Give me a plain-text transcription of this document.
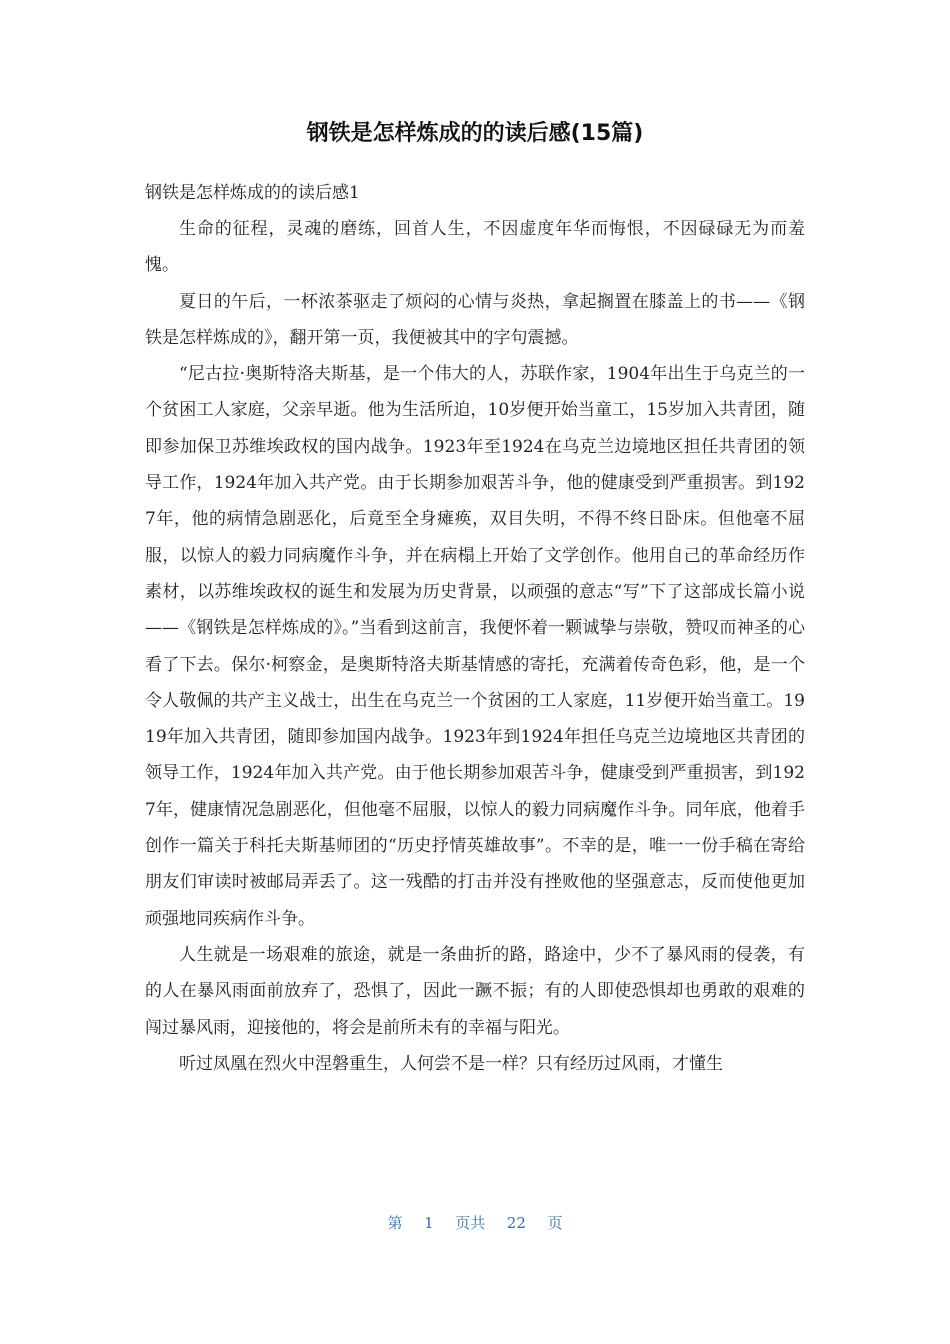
钢铁是怎样炼成的的读后感(15篇)

钢铁是怎样炼成的的读后感1

生命的征程，灵魂的磨练，回首人生，不因虚度年华而悔恨，不因碌碌无为而羞愧。

夏日的午后，一杯浓茶驱走了烦闷的心情与炎热，拿起搁置在膝盖上的书——《钢铁是怎样炼成的》，翻开第一页，我便被其中的字句震撼。

“尼古拉·奥斯特洛夫斯基，是一个伟大的人，苏联作家，1904年出生于乌克兰的一个贫困工人家庭，父亲早逝。他为生活所迫，10岁便开始当童工，15岁加入共青团，随即参加保卫苏维埃政权的国内战争。1923年至1924在乌克兰边境地区担任共青团的领导工作，1924年加入共产党。由于长期参加艰苦斗争，他的健康受到严重损害。到1927年，他的病情急剧恶化，后竟至全身瘫痪，双目失明，不得不终日卧床。但他毫不屈服，以惊人的毅力同病魔作斗争，并在病榻上开始了文学创作。他用自己的革命经历作素材，以苏维埃政权的诞生和发展为历史背景，以顽强的意志“写”下了这部成长篇小说——《钢铁是怎样炼成的》。”当看到这前言，我便怀着一颗诚挚与崇敬，赞叹而神圣的心看了下去。保尔·柯察金，是奥斯特洛夫斯基情感的寄托，充满着传奇色彩，他，是一个令人敬佩的共产主义战士，出生在乌克兰一个贫困的工人家庭，11岁便开始当童工。1919年加入共青团，随即参加国内战争。1923年到1924年担任乌克兰边境地区共青团的领导工作，1924年加入共产党。由于他长期参加艰苦斗争，健康受到严重损害，到1927年，健康情况急剧恶化，但他毫不屈服，以惊人的毅力同病魔作斗争。同年底，他着手创作一篇关于科托夫斯基师团的“历史抒情英雄故事”。不幸的是，唯一一份手稿在寄给朋友们审读时被邮局弄丢了。这一残酷的打击并没有挫败他的坚强意志，反而使他更加顽强地同疾病作斗争。

人生就是一场艰难的旅途，就是一条曲折的路，路途中，少不了暴风雨的侵袭，有的人在暴风雨面前放弃了，恐惧了，因此一蹶不振；有的人即使恐惧却也勇敢的艰难的闯过暴风雨，迎接他的，将会是前所未有的幸福与阳光。

听过凤凰在烈火中涅磐重生，人何尝不是一样？只有经历过风雨，才懂生

第 1 页共 22 页
